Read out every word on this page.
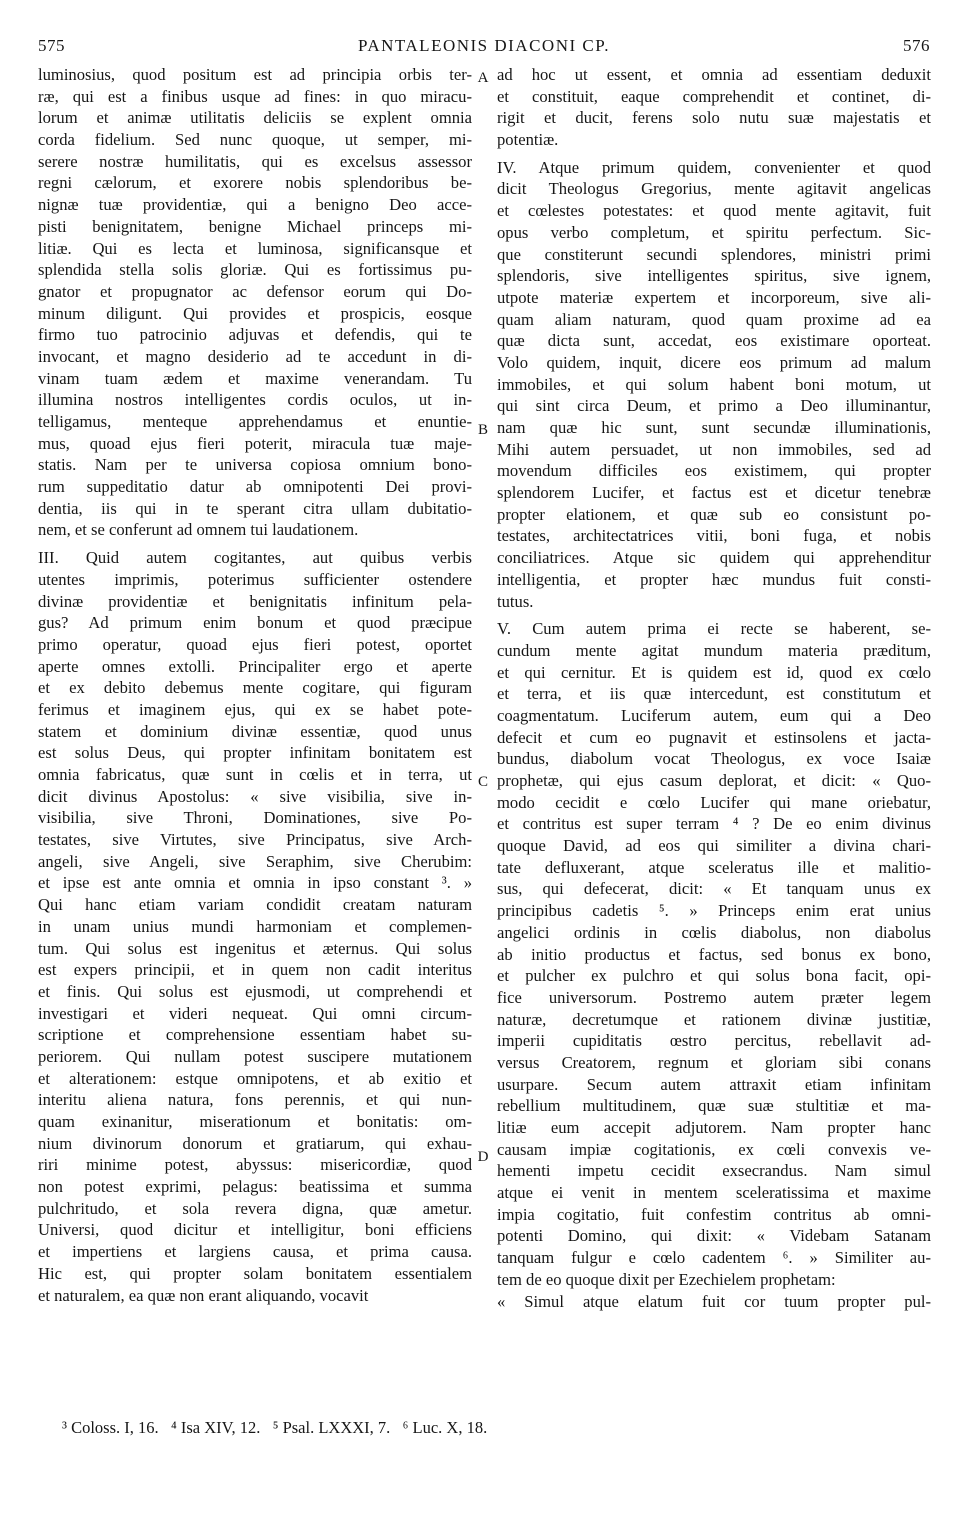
575	PANTALEONIS DIACONI CP.	576
luminosius, quod positum est ad principia orbis ter-
ræ, qui est a finibus usque ad fines: in quo miracu-
lorum et animæ utilitatis deliciis se explent omnia
corda fidelium. Sed nunc quoque, ut semper, mi-
serere nostræ humilitatis, qui es excelsus assessor
regni cælorum, et exorere nobis splendoribus be-
nignæ tuæ providentiæ, qui a benigno Deo acce-
pisti benignitatem, benigne Michael princeps mi-
litiæ. Qui es lecta et luminosa, significansque et
splendida stella solis gloriæ. Qui es fortissimus pu-
gnator et propugnator ac defensor eorum qui Do-
minum diligunt. Qui provides et prospicis, eosque
firmo tuo patrocinio adjuvas et defendis, qui te
invocant, et magno desiderio ad te accedunt in di-
vinam tuam ædem et maxime venerandam. Tu
illumina nostros intelligentes cordis oculos, ut in-
telligamus, menteque apprehendamus et enuntie-
mus, quoad ejus fieri poterit, miracula tuæ maje-
statis. Nam per te universa copiosa omnium bono-
rum suppeditatio datur ab omnipotenti Dei provi-
dentia, iis qui in te sperant citra ullam dubitatio-
nem, et se conferunt ad omnem tui laudationem.
III. Quid autem cogitantes, aut quibus verbis
utentes imprimis, poterimus sufficienter ostendere
divinæ providentiæ et benignitatis infinitum pela-
gus? Ad primum enim bonum et quod præcipue
primo operatur, quoad ejus fieri potest, oportet
aperte omnes extolli. Principaliter ergo et aperte
et ex debito debemus mente cogitare, qui figuram
ferimus et imaginem ejus, qui ex se habet pote-
statem et dominium divinæ essentiæ, quod unus
est solus Deus, qui propter infinitam bonitatem est
omnia fabricatus, quæ sunt in cœlis et in terra, ut
dicit divinus Apostolus: « sive visibilia, sive in-
visibilia, sive Throni, Dominationes, sive Po-
testates, sive Virtutes, sive Principatus, sive Arch-
angeli, sive Angeli, sive Seraphim, sive Cherubim:
et ipse est ante omnia et omnia in ipso constant ³. »
Qui hanc etiam variam condidit creatam naturam
in unam unius mundi harmoniam et complemen-
tum. Qui solus est ingenitus et æternus. Qui solus
est expers principii, et in quem non cadit interitus
et finis. Qui solus est ejusmodi, ut comprehendi et
investigari et videri nequeat. Qui omni circum-
scriptione et comprehensione essentiam habet su-
periorem. Qui nullam potest suscipere mutationem
et alterationem: estque omnipotens, et ab exitio et
interitu aliena natura, fons perennis, et qui nun-
quam exinanitur, miserationum et bonitatis: om-
nium divinorum donorum et gratiarum, qui exhau-
riri minime potest, abyssus: misericordiæ, quod
non potest exprimi, pelagus: beatissima et summa
pulchritudo, et sola revera digna, quæ ametur.
Universi, quod dicitur et intelligitur, boni efficiens
et impertiens et largiens causa, et prima causa.
Hic est, qui propter solam bonitatem essentialem
et naturalem, ea quæ non erant aliquando, vocavit
ad hoc ut essent, et omnia ad essentiam deduxit
et constituit, eaque comprehendit et continet, di-
rigit et ducit, ferens solo nutu suæ majestatis et
potentiæ.
IV. Atque primum quidem, convenienter et quod
dicit Theologus Gregorius, mente agitavit angelicas
et cœlestes potestates: et quod mente agitavit, fuit
opus verbo completum, et spiritu perfectum. Sic-
que constiterunt secundi splendores, ministri primi
splendoris, sive intelligentes spiritus, sive ignem,
utpote materiæ expertem et incorporeum, sive ali-
quam aliam naturam, quod quam proxime ad ea
quæ dicta sunt, accedat, eos existimare oporteat.
Volo quidem, inquit, dicere eos primum ad malum
immobiles, et qui solum habent boni motum, ut
qui sint circa Deum, et primo a Deo illuminantur,
nam quæ hic sunt, sunt secundæ illuminationis,
Mihi autem persuadet, ut non immobiles, sed ad
movendum difficiles eos existimem, qui propter
splendorem Lucifer, et factus est et dicetur tenebræ
propter elationem, et quæ sub eo consistunt po-
testates, architectatrices vitii, boni fuga, et nobis
conciliatrices. Atque sic quidem qui apprehenditur
intelligentia, et propter hæc mundus fuit consti-
tutus.
V. Cum autem prima ei recte se haberent, se-
cundum mente agitat mundum materia præditum,
et qui cernitur. Et is quidem est id, quod ex cœlo
et terra, et iis quæ intercedunt, est constitutum et
coagmentatum. Luciferum autem, eum qui a Deo
defecit et cum eo pugnavit et estinsolens et jacta-
bundus, diabolum vocat Theologus, ex voce Isaiæ
prophetæ, qui ejus casum deplorat, et dicit: « Quo-
modo cecidit e cœlo Lucifer qui mane oriebatur,
et contritus est super terram ⁴ ? De eo enim divinus
quoque David, ad eos qui similiter a divina chari-
tate defluxerant, atque sceleratus ille et malitio-
sus, qui defecerat, dicit: « Et tanquam unus ex
principibus cadetis ⁵. » Princeps enim erat unius
angelici ordinis in cœlis diabolus, non diabolus
ab initio productus et factus, sed bonus ex bono,
et pulcher ex pulchro et qui solus bona facit, opi-
fice universorum. Postremo autem præter legem
naturæ, decretumque et rationem divinæ justitiæ,
imperii cupiditatis œstro percitus, rebellavit ad-
versus Creatorem, regnum et gloriam sibi conans
usurpare. Secum autem attraxit etiam infinitam
rebellium multitudinem, quæ suæ stultitiæ et ma-
litiæ eum accepit adjutorem. Nam propter hanc
causam impiæ cogitationis, ex cœli convexis ve-
hementi impetu cecidit exsecrandus. Nam simul
atque ei venit in mentem sceleratissima et maxime
impia cogitatio, fuit confestim contritus ab omni-
potenti Domino, qui dixit: « Videbam Satanam
tanquam fulgur e cœlo cadentem ⁶. » Similiter au-
tem de eo quoque dixit per Ezechielem prophetam:
« Simul atque elatum fuit cor tuum propter pul-
A
B
C
D
³ Coloss. I, 16.   ⁴ Isa XIV, 12.   ⁵ Psal. LXXXI, 7.   ⁶ Luc. X, 18.
